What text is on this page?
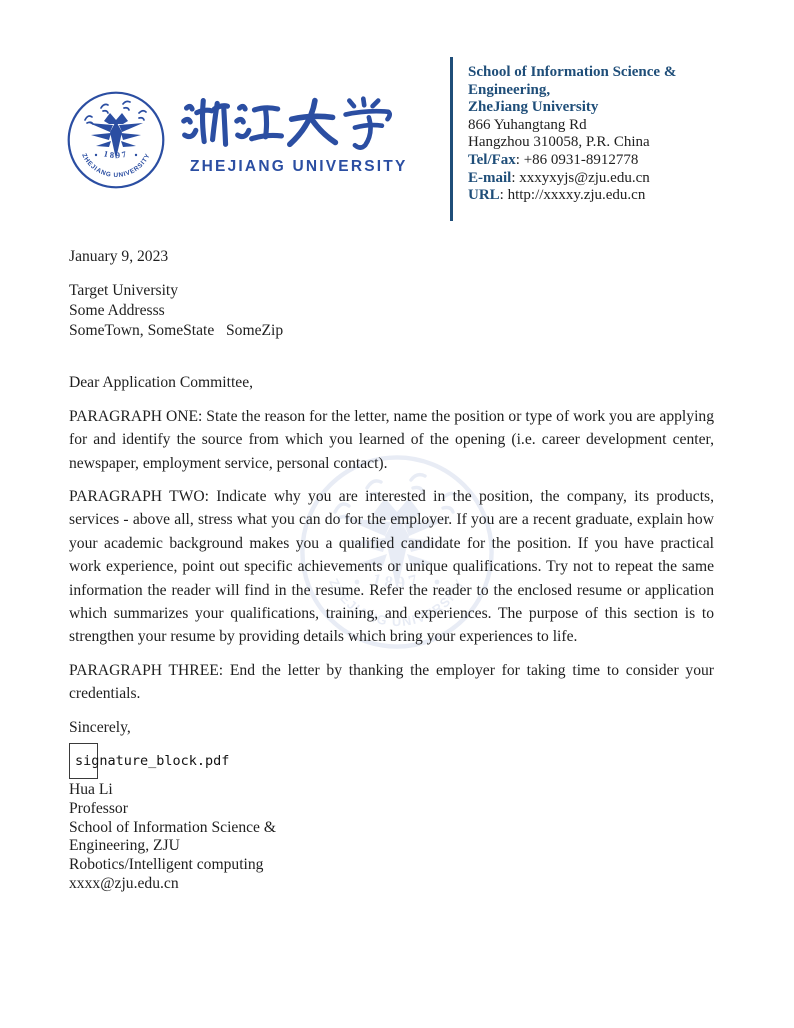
ZHEJIANG UNIVERSITY
School of Information Science &
Engineering,
ZheJiang University
866 Yuhangtang Rd
Hangzhou 310058, P.R. China
Tel/Fax: +86 0931-8912778
E-mail: xxxyxyjs@zju.edu.cn
URL: http://xxxxy.zju.edu.cn
January 9, 2023
Target University
Some Addresss
SomeTown, SomeState   SomeZip
Dear Application Committee,

PARAGRAPH ONE: State the reason for the letter, name the position or type of work you are applying for and identify the source from which you learned of the opening (i.e. career development center, newspaper, employment service, personal contact).

PARAGRAPH TWO: Indicate why you are interested in the position, the company, its products, services - above all, stress what you can do for the employer. If you are a recent graduate, explain how your academic background makes you a qualified candidate for the position. If you have practical work experience, point out specific achievements or unique qualifications. Try not to repeat the same information the reader will find in the resume. Refer the reader to the enclosed resume or application which summarizes your qualifications, training, and experiences. The purpose of this section is to strengthen your resume by providing details which bring your experiences to life.

PARAGRAPH THREE: End the letter by thanking the employer for taking time to consider your credentials.

Sincerely,
signature_block.pdf
Hua Li
Professor
School of Information Science &
Engineering, ZJU
Robotics/Intelligent computing
xxxx@zju.edu.cn
